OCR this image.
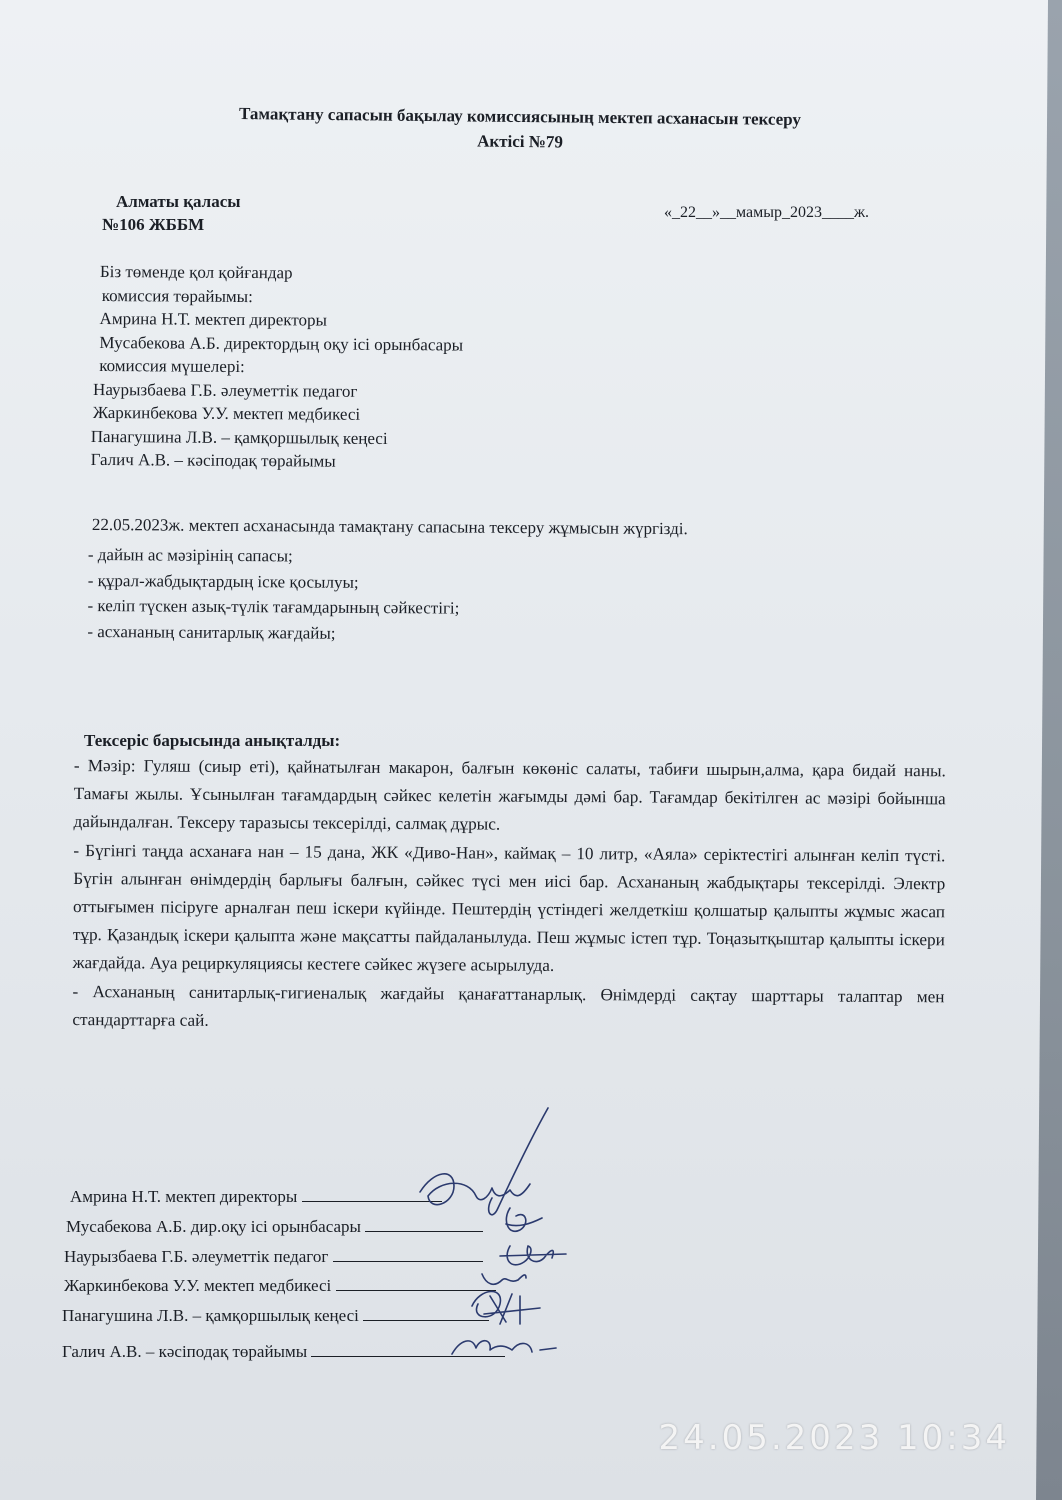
Тамақтану сапасын бақылау комиссиясының мектеп асханасын тексеру
Актісі №79
Алматы қаласы
№106 ЖББМ
«_22__»__мамыр_2023____ж.
Біз төменде қол қойғандар
комиссия төрайымы:
Амрина Н.Т. мектеп директоры
Мусабекова А.Б. директордың оқу ісі орынбасары
комиссия мүшелері:
Наурызбаева Г.Б. әлеуметтік педагог
Жаркинбекова У.У. мектеп медбикесі
Панагушина Л.В. – қамқоршылық кеңесі
Галич А.В. – кәсіподақ төрайымы
22.05.2023ж. мектеп асханасында тамақтану сапасына тексеру жұмысын жүргізді.
- дайын ас мәзірінің сапасы;
- құрал-жабдықтардың іске қосылуы;
- келіп түскен азық-түлік тағамдарының сәйкестігі;
- асхананың санитарлық жағдайы;
Тексеріс барысында анықталды:

- Мәзір: Гуляш (сиыр еті), қайнатылған макарон, балғын көкөніс салаты, табиғи шырын,алма, қара бидай наны. Тамағы жылы. Ұсынылған тағамдардың сәйкес келетін жағымды дәмі бар. Тағамдар бекітілген ас мәзірі бойынша дайындалған. Тексеру таразысы тексерілді, салмақ дұрыс.

- Бүгінгі таңда асханаға нан – 15 дана, ЖК «Диво-Нан», каймақ – 10 литр, «Аяла» серіктестігі алынған келіп түсті. Бүгін алынған өнімдердің барлығы балғын, сәйкес түсі мен иісі бар. Асхананың жабдықтары тексерілді. Электр оттығымен пісіруге арналған пеш іскери күйінде. Пештердің үстіндегі желдеткіш қолшатыр қалыпты жұмыс жасап тұр. Қазандық іскери қалыпта және мақсатты пайдаланылуда. Пеш жұмыс істеп тұр. Тоңазытқыштар қалыпты іскери жағдайда. Ауа рециркуляциясы кестеге сәйкес жүзеге асырылуда.

- Асхананың санитарлық-гигиеналық жағдайы қанағаттанарлық. Өнімдерді сақтау шарттары талаптар мен стандарттарға сай.

Амрина Н.Т. мектеп директоры
Мусабекова А.Б. дир.оқу ісі орынбасары
Наурызбаева Г.Б. әлеуметтік педагог
Жаркинбекова У.У. мектеп медбикесі
Панагушина Л.В. – қамқоршылық кеңесі
Галич А.В. – кәсіподақ төрайымы
24.05.2023 10:34
